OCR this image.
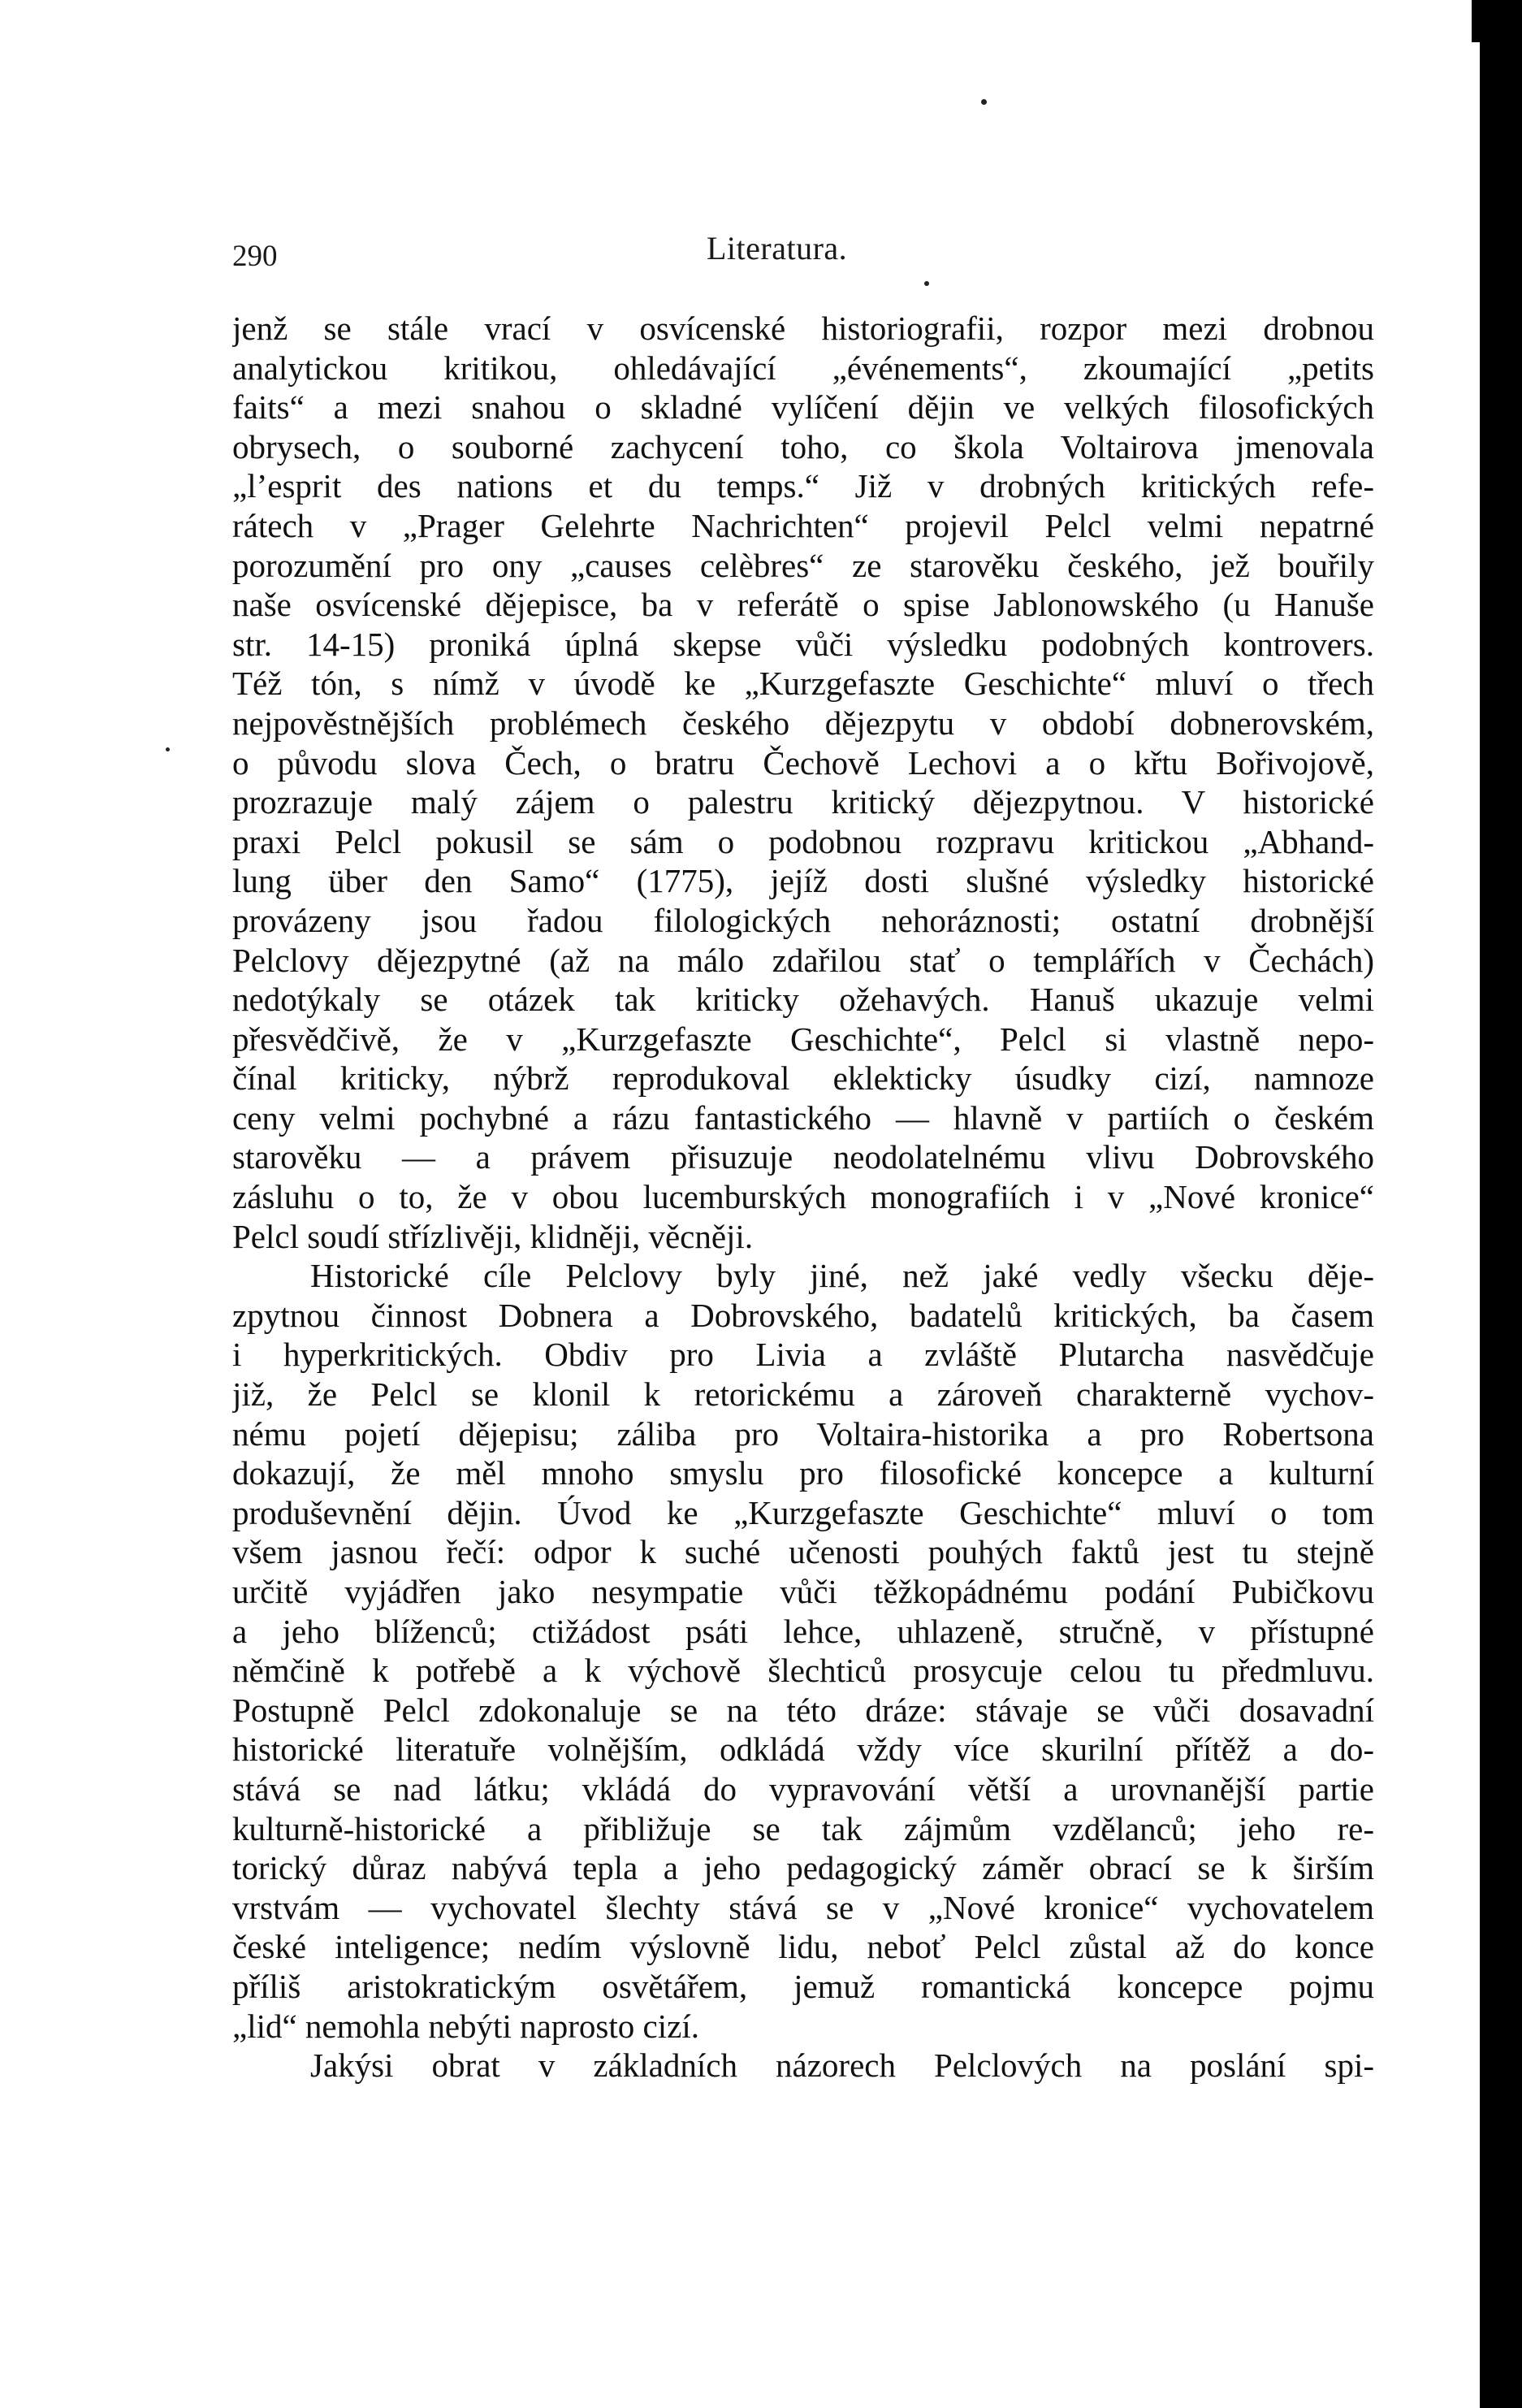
290	Literatura.
jenž se stále vrací v osvícenské historiografii, rozpor mezi drobnou
analytickou kritikou, ohledávající „événements“, zkoumající „petits
faits“ a mezi snahou o skladné vylíčení dějin ve velkých filosofických
obrysech, o souborné zachycení toho, co škola Voltairova jmenovala
„l’esprit des nations et du temps.“ Již v drobných kritických refe-
rátech v „Prager Gelehrte Nachrichten“ projevil Pelcl velmi nepatrné
porozumění pro ony „causes celèbres“ ze starověku českého, jež bouřily
naše osvícenské dějepisce, ba v referátě o spise Jablonowského (u Hanuše
str. 14-15) proniká úplná skepse vůči výsledku podobných kontrovers.
Též tón, s nímž v úvodě ke „Kurzgefaszte Geschichte“ mluví o třech
nejpověstnějších problémech českého dějezpytu v období dobnerovském,
o původu slova Čech, o bratru Čechově Lechovi a o křtu Bořivojově,
prozrazuje malý zájem o palestru kritický dějezpytnou. V historické
praxi Pelcl pokusil se sám o podobnou rozpravu kritickou „Abhand-
lung über den Samo“ (1775), jejíž dosti slušné výsledky historické
provázeny jsou řadou filologických nehoráznosti; ostatní drobnější
Pelclovy dějezpytné (až na málo zdařilou stať o templářích v Čechách)
nedotýkaly se otázek tak kriticky ožehavých. Hanuš ukazuje velmi
přesvědčivě, že v „Kurzgefaszte Geschichte“, Pelcl si vlastně nepo-
čínal kriticky, nýbrž reprodukoval eklekticky úsudky cizí, namnoze
ceny velmi pochybné a rázu fantastického — hlavně v partiích o českém
starověku — a právem přisuzuje neodolatelnému vlivu Dobrovského
zásluhu o to, že v obou lucemburských monografiích i v „Nové kronice“
Pelcl soudí střízlivěji, klidněji, věcněji.
Historické cíle Pelclovy byly jiné, než jaké vedly všecku děje-
zpytnou činnost Dobnera a Dobrovského, badatelů kritických, ba časem
i hyperkritických. Obdiv pro Livia a zvláště Plutarcha nasvědčuje
již, že Pelcl se klonil k retorickému a zároveň charakterně vychov-
nému pojetí dějepisu; záliba pro Voltaira-historika a pro Robertsona
dokazují, že měl mnoho smyslu pro filosofické koncepce a kulturní
produševnění dějin. Úvod ke „Kurzgefaszte Geschichte“ mluví o tom
všem jasnou řečí: odpor k suché učenosti pouhých faktů jest tu stejně
určitě vyjádřen jako nesympatie vůči těžkopádnému podání Pubičkovu
a jeho blíženců; ctižádost psáti lehce, uhlazeně, stručně, v přístupné
němčině k potřebě a k výchově šlechticů prosycuje celou tu předmluvu.
Postupně Pelcl zdokonaluje se na této dráze: stávaje se vůči dosavadní
historické literatuře volnějším, odkládá vždy více skurilní přítěž a do-
stává se nad látku; vkládá do vypravování větší a urovnanější partie
kulturně-historické a přibližuje se tak zájmům vzdělanců; jeho re-
torický důraz nabývá tepla a jeho pedagogický záměr obrací se k širším
vrstvám — vychovatel šlechty stává se v „Nové kronice“ vychovatelem
české inteligence; nedím výslovně lidu, neboť Pelcl zůstal až do konce
příliš aristokratickým osvětářem, jemuž romantická koncepce pojmu
„lid“ nemohla nebýti naprosto cizí.
Jakýsi obrat v základních názorech Pelclových na poslání spi-
